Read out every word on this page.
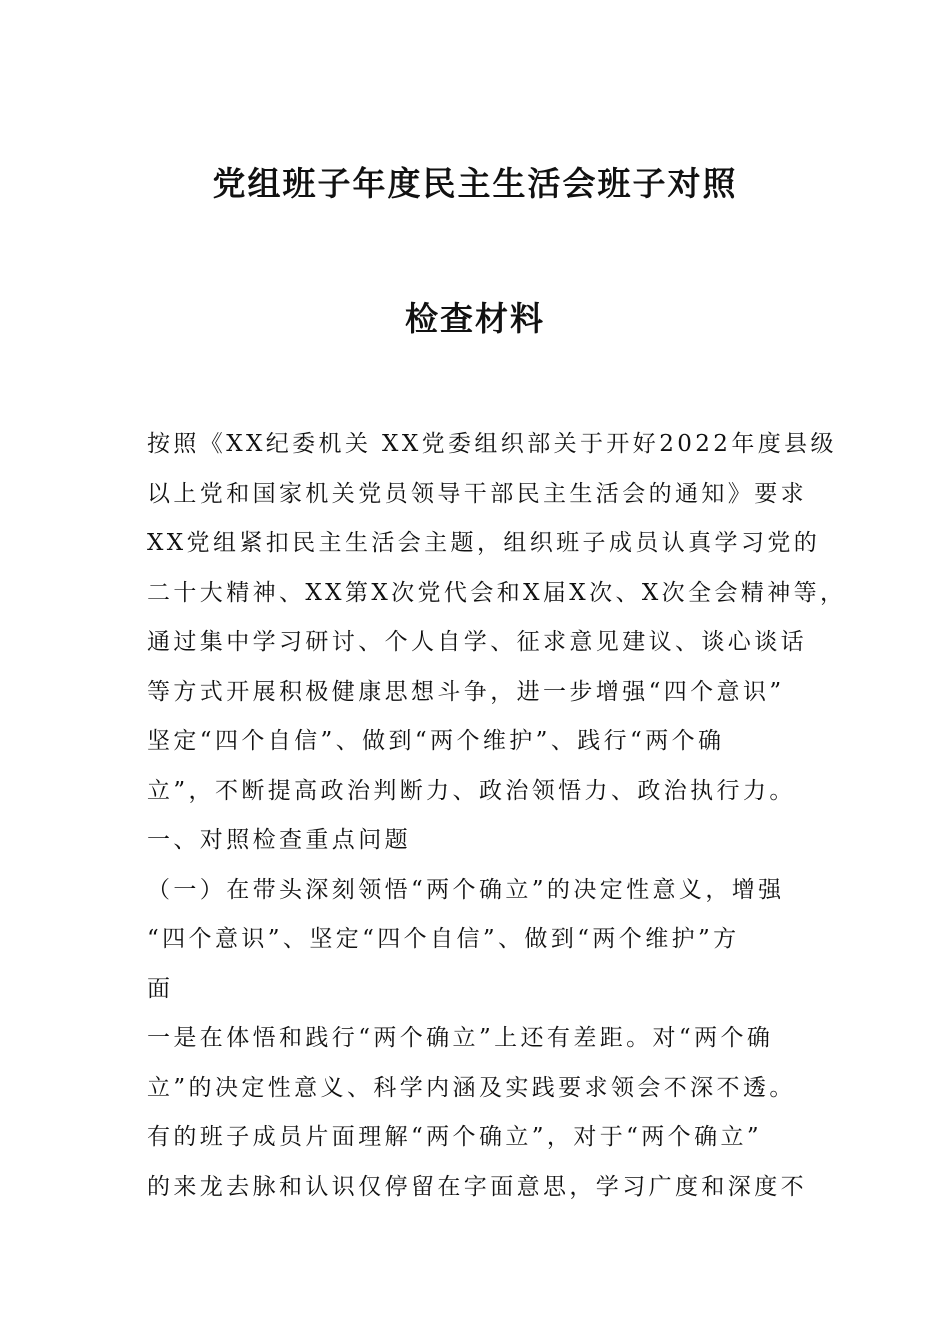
党组班子年度民主生活会班子对照
检查材料
按照《XX纪委机关 XX党委组织部关于开好2022年度县级
以上党和国家机关党员领导干部民主生活会的通知》要求
XX党组紧扣民主生活会主题，组织班子成员认真学习党的
二十大精神、XX第X次党代会和X届X次、X次全会精神等，
通过集中学习研讨、个人自学、征求意见建议、谈心谈话
等方式开展积极健康思想斗争，进一步增强“四个意识”
坚定“四个自信”、做到“两个维护”、践行“两个确
立”，不断提高政治判断力、政治领悟力、政治执行力。
一、对照检查重点问题
（一）在带头深刻领悟“两个确立”的决定性意义，增强
“四个意识”、坚定“四个自信”、做到“两个维护”方
面
一是在体悟和践行“两个确立”上还有差距。对“两个确
立”的决定性意义、科学内涵及实践要求领会不深不透。
有的班子成员片面理解“两个确立”，对于“两个确立”
的来龙去脉和认识仅停留在字面意思，学习广度和深度不
